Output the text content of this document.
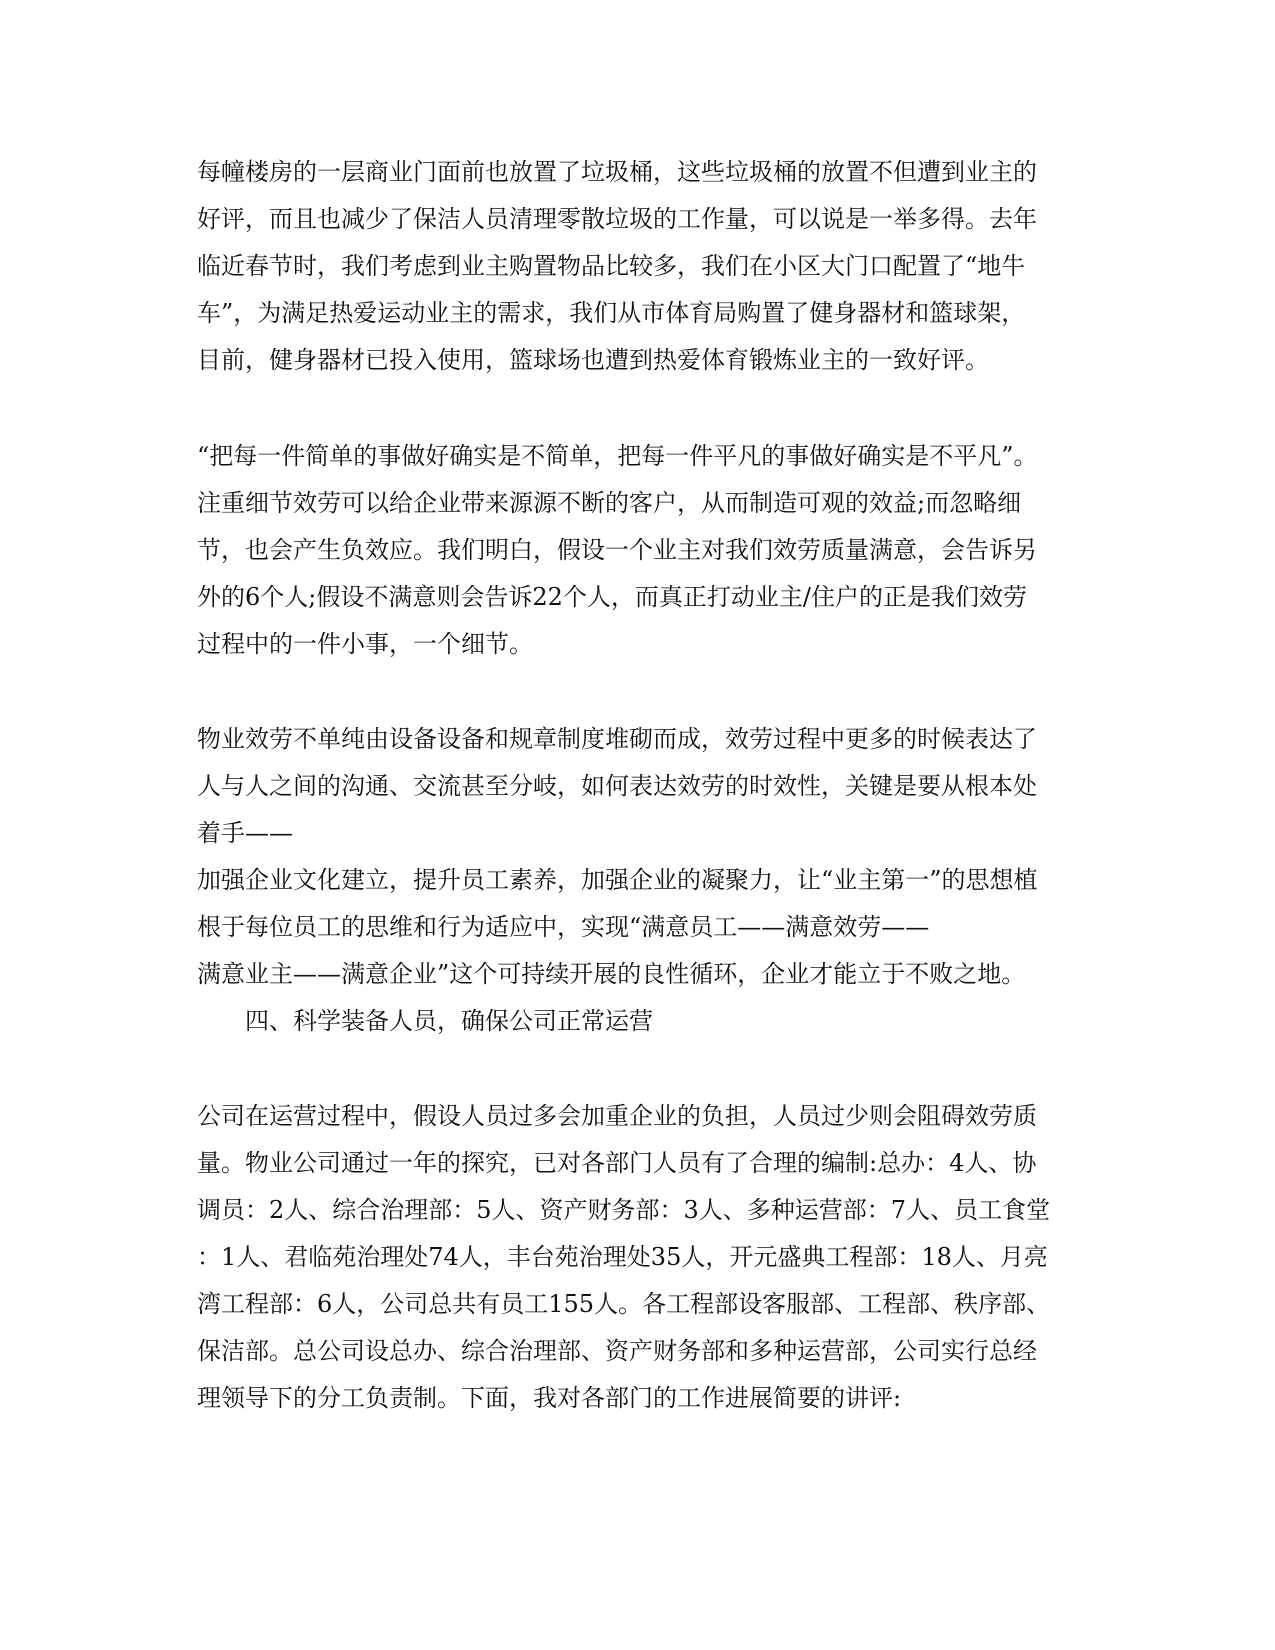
每幢楼房的一层商业门面前也放置了垃圾桶，这些垃圾桶的放置不但遭到业主的
好评，而且也减少了保洁人员清理零散垃圾的工作量，可以说是一举多得。去年
临近春节时，我们考虑到业主购置物品比较多，我们在小区大门口配置了“地牛
车”，为满足热爱运动业主的需求，我们从市体育局购置了健身器材和篮球架，
目前，健身器材已投入使用，篮球场也遭到热爱体育锻炼业主的一致好评。
“把每一件简单的事做好确实是不简单，把每一件平凡的事做好确实是不平凡”。
注重细节效劳可以给企业带来源源不断的客户，从而制造可观的效益;而忽略细
节，也会产生负效应。我们明白，假设一个业主对我们效劳质量满意，会告诉另
外的6个人;假设不满意则会告诉22个人，而真正打动业主/住户的正是我们效劳
过程中的一件小事，一个细节。
物业效劳不单纯由设备设备和规章制度堆砌而成，效劳过程中更多的时候表达了
人与人之间的沟通、交流甚至分岐，如何表达效劳的时效性，关键是要从根本处
着手——
加强企业文化建立，提升员工素养，加强企业的凝聚力，让“业主第一”的思想植
根于每位员工的思维和行为适应中，实现“满意员工——满意效劳——
满意业主——满意企业”这个可持续开展的良性循环，企业才能立于不败之地。
四、科学装备人员，确保公司正常运营
公司在运营过程中，假设人员过多会加重企业的负担，人员过少则会阻碍效劳质
量。物业公司通过一年的探究，已对各部门人员有了合理的编制:总办：4人、协
调员：2人、综合治理部：5人、资产财务部：3人、多种运营部：7人、员工食堂
：1人、君临苑治理处74人，丰台苑治理处35人，开元盛典工程部：18人、月亮
湾工程部：6人，公司总共有员工155人。各工程部设客服部、工程部、秩序部、
保洁部。总公司设总办、综合治理部、资产财务部和多种运营部，公司实行总经
理领导下的分工负责制。下面，我对各部门的工作进展简要的讲评:
